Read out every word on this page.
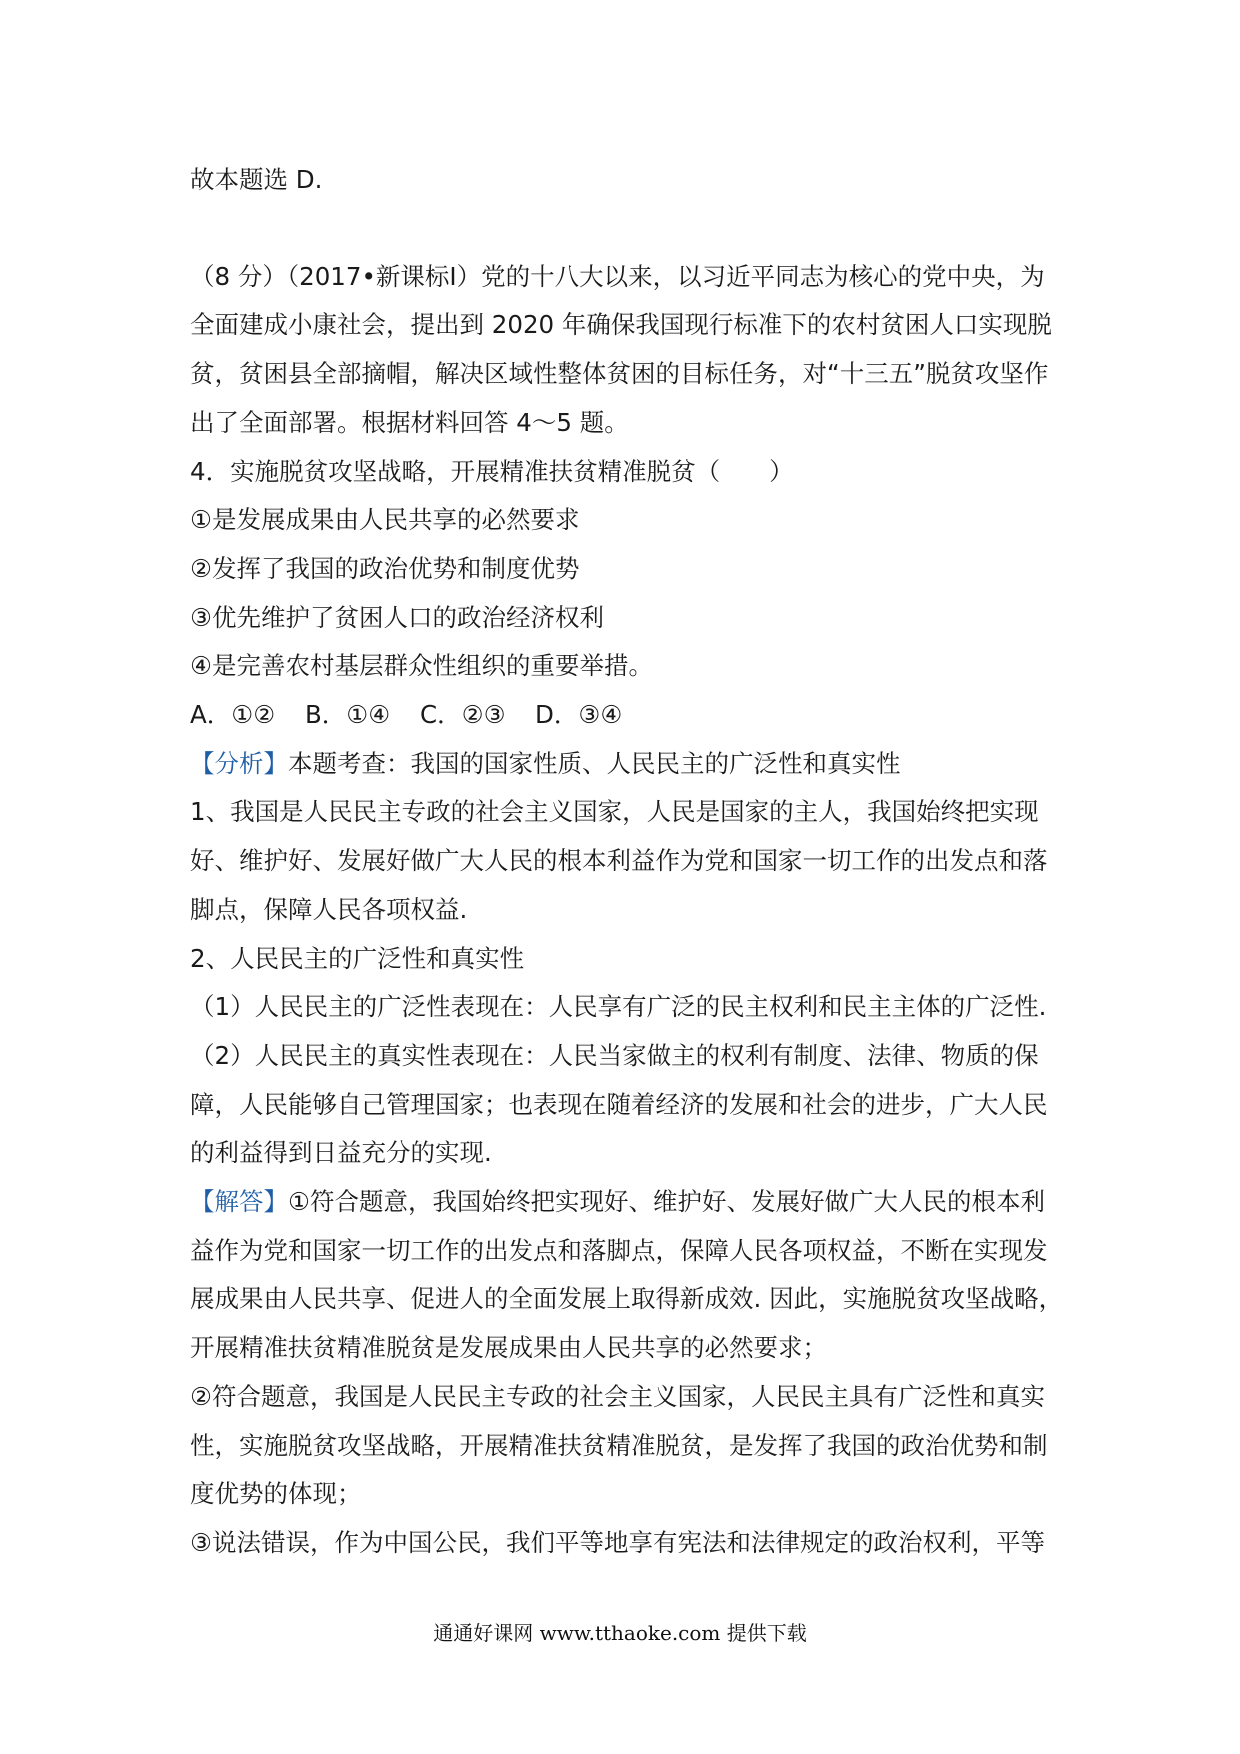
故本题选 D.
（8 分）（2017•新课标Ⅰ）党的十八大以来，以习近平同志为核心的党中央，为
全面建成小康社会，提出到 2020 年确保我国现行标准下的农村贫困人口实现脱
贫，贫困县全部摘帽，解决区域性整体贫困的目标任务，对“十三五”脱贫攻坚作
出了全面部署。根据材料回答 4～5 题。
4．实施脱贫攻坚战略，开展精准扶贫精准脱贫（　　）
①是发展成果由人民共享的必然要求
②发挥了我国的政治优势和制度优势
③优先维护了贫困人口的政治经济权利
④是完善农村基层群众性组织的重要举措。
A．①② B．①④ C．②③ D．③④
【分析】本题考查：我国的国家性质、人民民主的广泛性和真实性
1、我国是人民民主专政的社会主义国家，人民是国家的主人，我国始终把实现
好、维护好、发展好做广大人民的根本利益作为党和国家一切工作的出发点和落
脚点，保障人民各项权益.
2、人民民主的广泛性和真实性
（1）人民民主的广泛性表现在：人民享有广泛的民主权利和民主主体的广泛性.
（2）人民民主的真实性表现在：人民当家做主的权利有制度、法律、物质的保
障，人民能够自己管理国家；也表现在随着经济的发展和社会的进步，广大人民
的利益得到日益充分的实现.
【解答】①符合题意，我国始终把实现好、维护好、发展好做广大人民的根本利
益作为党和国家一切工作的出发点和落脚点，保障人民各项权益，不断在实现发
展成果由人民共享、促进人的全面发展上取得新成效. 因此，实施脱贫攻坚战略，
开展精准扶贫精准脱贫是发展成果由人民共享的必然要求；
②符合题意，我国是人民民主专政的社会主义国家，人民民主具有广泛性和真实
性，实施脱贫攻坚战略，开展精准扶贫精准脱贫，是发挥了我国的政治优势和制
度优势的体现；
③说法错误，作为中国公民，我们平等地享有宪法和法律规定的政治权利，平等
通通好课网 www.tthaoke.com 提供下载
